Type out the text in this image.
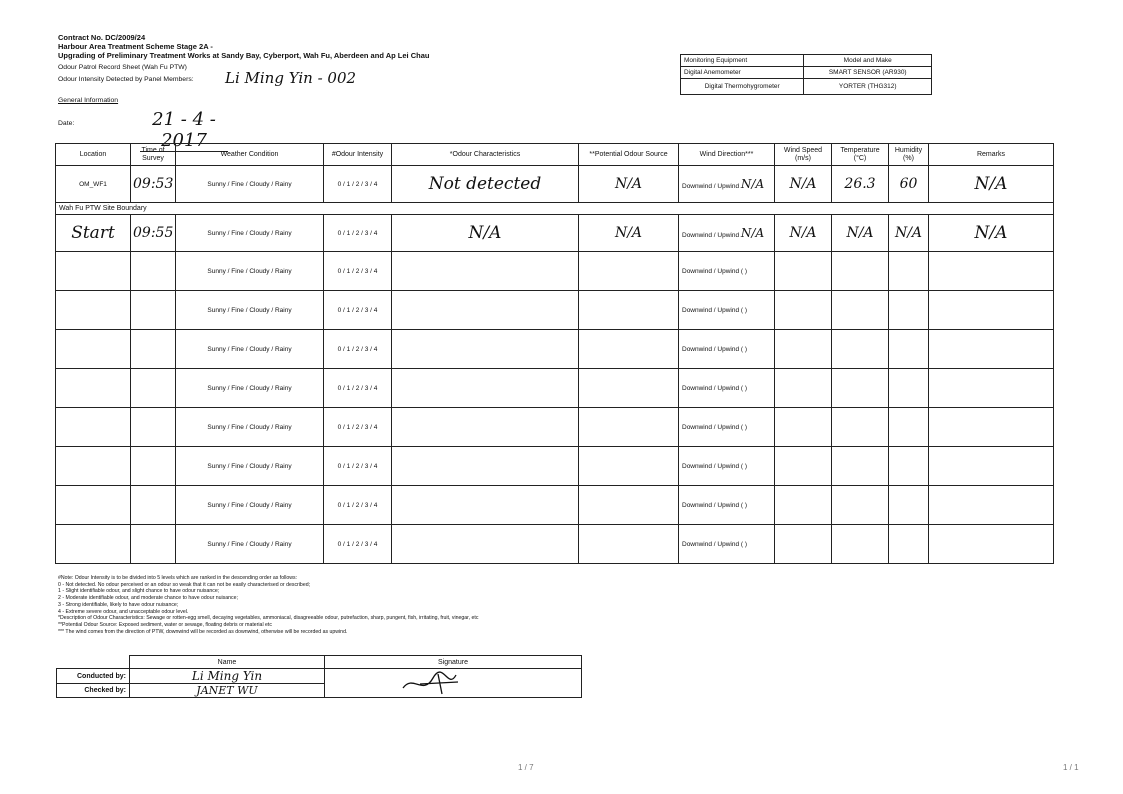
Contract No. DC/2009/24
Harbour Area Treatment Scheme Stage 2A -
Upgrading of Preliminary Treatment Works at Sandy Bay, Cyberport, Wah Fu, Aberdeen and Ap Lei Chau
Odour Patrol Record Sheet (Wah Fu PTW)
Odour Intensity Detected by Panel Members: Li Ming Yin - 002
General Information
Date:	21 - 4 - 2017
Monitoring Equipment	Model and Make
Digital Anemometer	SMART SENSOR (AR930)
Digital Thermohygrometer	YORTER (THG312)
Location	Time of Survey	Weather Condition	#Odour Intensity	*Odour Characteristics	**Potential Odour Source	Wind Direction***	Wind Speed (m/s)	Temperature (°C)	Humidity (%)	Remarks
OM_WF1	09:53	Sunny / Fine / Cloudy / Rainy	0 / 1 / 2 / 3 / 4	Not detected	N/A	Downwind / Upwind N/A	N/A	26.3	60	N/A
Wah Fu PTW Site Boundary										
Start	09:55	Sunny / Fine / Cloudy / Rainy	0 / 1 / 2 / 3 / 4	N/A	N/A	Downwind / Upwind N/A	N/A	N/A	N/A	N/A
		Sunny / Fine / Cloudy / Rainy	0 / 1 / 2 / 3 / 4			Downwind / Upwind ( )				
		Sunny / Fine / Cloudy / Rainy	0 / 1 / 2 / 3 / 4			Downwind / Upwind ( )				
		Sunny / Fine / Cloudy / Rainy	0 / 1 / 2 / 3 / 4			Downwind / Upwind ( )				
		Sunny / Fine / Cloudy / Rainy	0 / 1 / 2 / 3 / 4			Downwind / Upwind ( )				
		Sunny / Fine / Cloudy / Rainy	0 / 1 / 2 / 3 / 4			Downwind / Upwind ( )				
		Sunny / Fine / Cloudy / Rainy	0 / 1 / 2 / 3 / 4			Downwind / Upwind ( )				
		Sunny / Fine / Cloudy / Rainy	0 / 1 / 2 / 3 / 4			Downwind / Upwind ( )				
		Sunny / Fine / Cloudy / Rainy	0 / 1 / 2 / 3 / 4			Downwind / Upwind ( )				
#Note: Odour Intensity is to be divided into 5 levels which are ranked in the descending order as follows:
0 - Not detected. No odour perceived or an odour so weak that it can not be easily characterised or described;
1 - Slight identifiable odour, and slight chance to have odour nuisance;
2 - Moderate identifiable odour, and moderate chance to have odour nuisance;
3 - Strong identifiable, likely to have odour nuisance;
4 - Extreme severe odour, and unacceptable odour level.
*Description of Odour Characteristics: Sewage or rotten-egg smell, decaying vegetables, ammoniacal, disagreeable odour, putrefaction, sharp, pungent, fish, irritating, fruit, vinegar, etc
**Potential Odour Source: Exposed sediment, water or sewage, floating debris or material etc
*** The wind comes from the direction of PTW, downwind will be recorded as downwind, otherwise will be recorded as upwind.
	Name	Signature
Conducted by:	Li Ming Yin	

Checked by:	JANET WU	
1 / 7	1 / 1
